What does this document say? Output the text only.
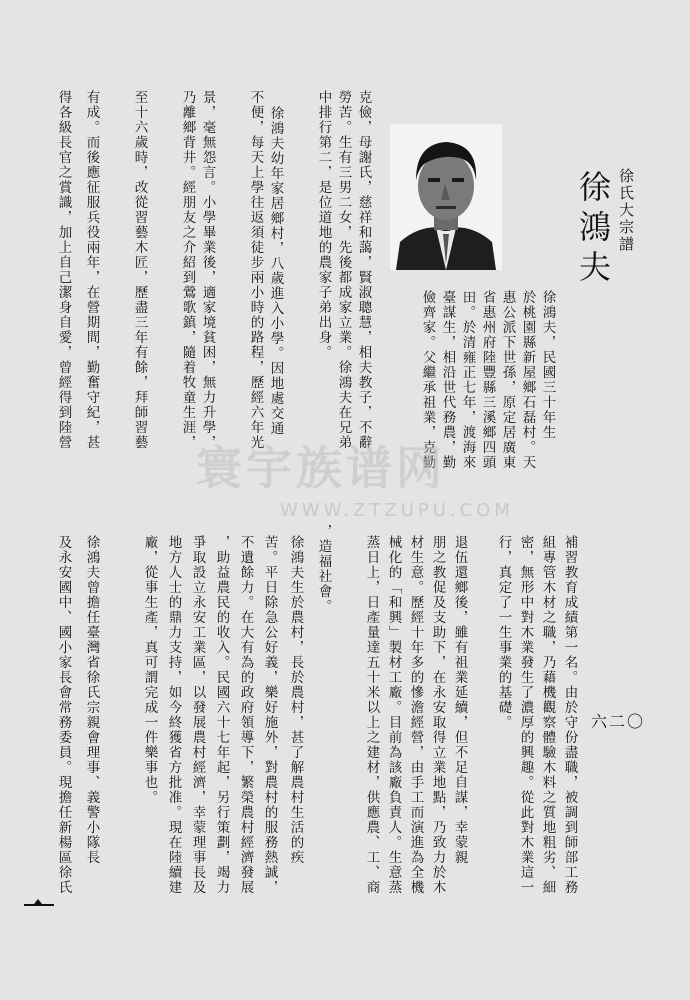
徐氏大宗譜
徐鴻夫
徐鴻夫，民國三十年生
於桃園縣新屋鄉石磊村。天
惠公派下世孫，原定居廣東
省惠州府陸豐縣三溪鄉四頭
田。於清雍正七年，渡海來
臺謀生，相沿世代務農，勤
儉齊家。父繼承祖業，克勤
克儉，母謝氏，慈祥和藹，賢淑聰慧，相夫教子，不辭
勞苦。生有三男二女，先後都成家立業。徐鴻夫在兄弟
中排行第二，是位道地的農家子弟出身。
徐鴻夫幼年家居鄉村，八歲進入小學。因地處交通
不便，每天上學往返須徒步兩小時的路程，歷經六年光
景，毫無怨言。小學畢業後，適家境貧困，無力升學，
乃離鄉背井。經朋友之介紹到鶯歌鎮，隨着牧童生涯，
至十六歲時，改從習藝木匠，歷盡三年有餘，拜師習藝
有成。而後應征服兵役兩年，在營期間，勤奮守紀，甚
得各級長官之賞識，加上自己潔身自愛，曾經得到陸營
補習教育成績第一名。由於守份盡職，被調到師部工務
組專管木材之職，乃藉機觀察體驗木料之質地粗劣、細
密，無形中對木業發生了濃厚的興趣。從此對木業這一
行，真定了一生事業的基礎。
退伍還鄉後，雖有祖業延續，但不足自謀，幸蒙親
朋之教促及支助下，在永安取得立業地點，乃致力於木
材生意。歷經十年多的慘澹經營，由手工而演進為全機
械化的「和興」製材工廠。目前為該廠負責人。生意蒸
蒸日上，日產量達五十米以上之建材，供應農、工、商
，造福社會。
徐鴻夫生於農村，長於農村，甚了解農村生活的疾
苦。平日除急公好義，樂好施外，對農村的服務熱誠，
不遺餘力。在大有為的政府領導下，繁榮農村經濟發展
，助益農民的收入。民國六十七年起，另行策劃，竭力
爭取設立永安工業區，以發展農村經濟，幸蒙理事長及
地方人士的鼎力支持，如今終獲省方批准。現在陸續建
廠，從事生產，真可謂完成一件樂事也。
徐鴻夫曾擔任臺灣省徐氏宗親會理事、義警小隊長
及永安國中、國小家長會常務委員。現擔任新楊區徐氏	六二〇
寰宇族谱网
WWW.ZTZUPU.COM
